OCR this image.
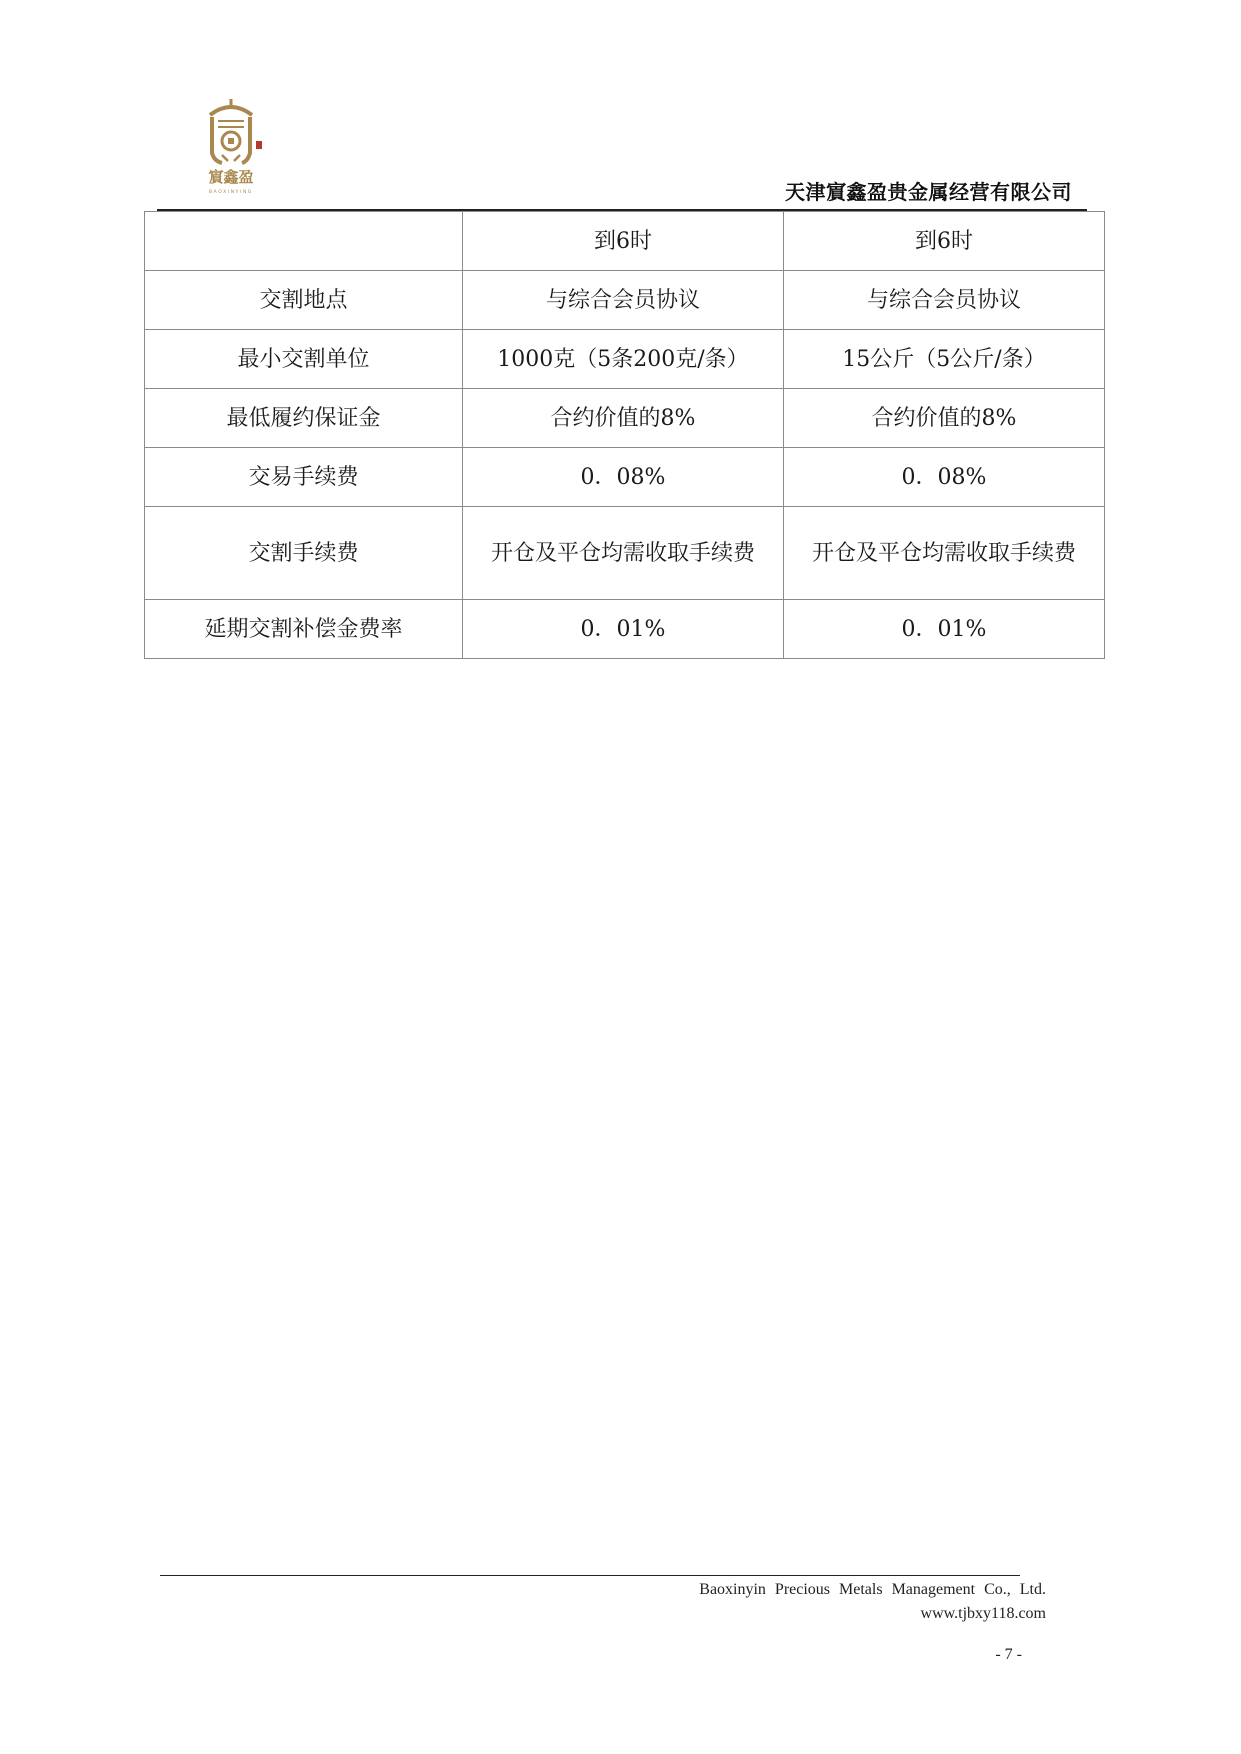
賔鑫盈
BAOXINYING	天津賔鑫盈贵金属经营有限公司
	到6时	到6时
交割地点	与综合会员协议	与综合会员协议
最小交割单位	1000克（5条200克/条）	15公斤（5公斤/条）
最低履约保证金	合约价值的8%	合约价值的8%
交易手续费	0．08%	0．08%
交割手续费	开仓及平仓均需收取手续费	开仓及平仓均需收取手续费
延期交割补偿金费率	0．01%	0．01%
Baoxinyin Precious Metals Management Co., Ltd.
www.tjbxy118.com
- 7 -
